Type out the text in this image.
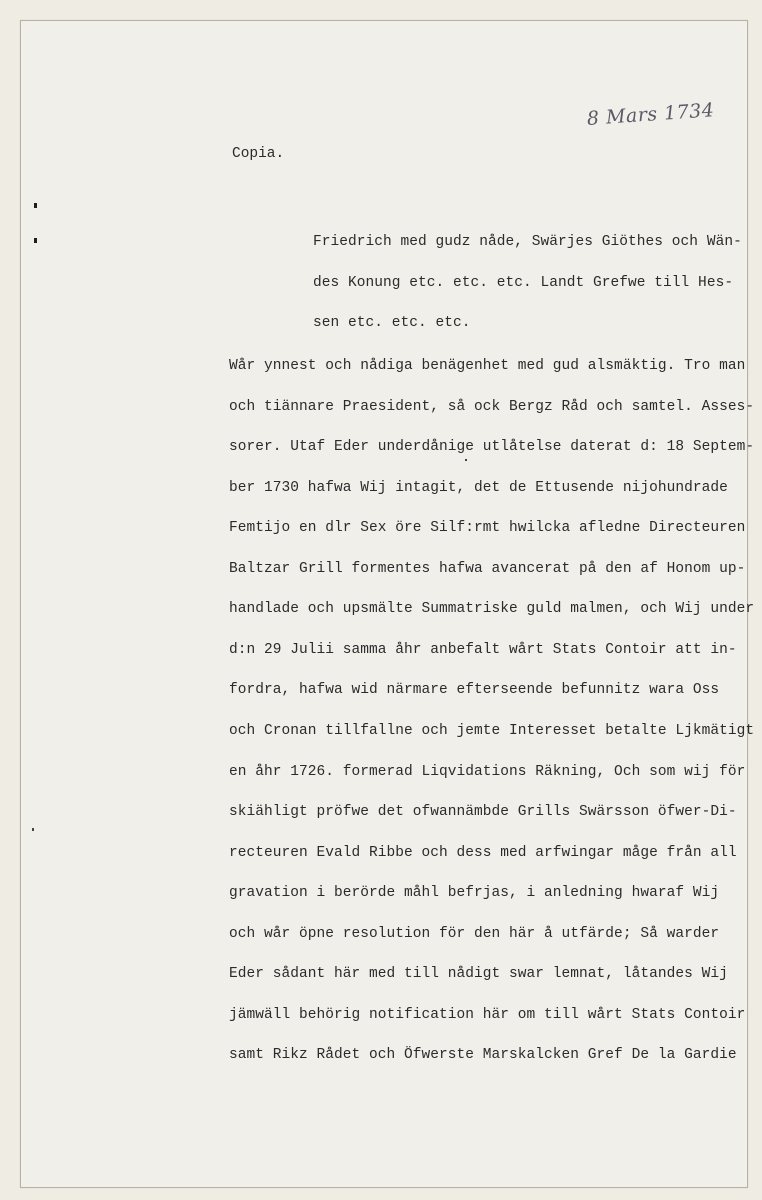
8 Mars 1734
Copia.
Friedrich med gudz nåde, Swärjes Giöthes och Wän-
des Konung etc. etc. etc. Landt Grefwe till Hes-
sen etc. etc. etc.
Wår ynnest och nådiga benägenhet med gud alsmäktig. Tro man
och tiännare Praesident, så ock Bergz Råd och samtel. Asses-
sorer. Utaf Eder underdånige utlåtelse daterat d: 18 Septem-
ber 1730 hafwa Wij intagit, det de Ettusende nijohundrade
Femtijo en dlr Sex öre Silf:rmt hwilcka afledne Directeuren
Baltzar Grill formentes hafwa avancerat på den af Honom up-
handlade och upsmälte Summatriske guld malmen, och Wij under
d:n 29 Julii samma åhr anbefalt wårt Stats Contoir att in-
fordra, hafwa wid närmare efterseende befunnitz wara Oss
och Cronan tillfallne och jemte Interesset betalte Ljkmätigt
en åhr 1726. formerad Liqvidations Räkning, Och som wij för
skiähligt pröfwe det ofwannämbde Grills Swärsson öfwer-Di-
recteuren Evald Ribbe och dess med arfwingar måge från all
gravation i berörde måhl befrjas, i anledning hwaraf Wij
och wår öpne resolution för den här å utfärde; Så warder
Eder sådant här med till nådigt swar lemnat, låtandes Wij
jämwäll behörig notification här om till wårt Stats Contoir
samt Rikz Rådet och Öfwerste Marskalcken Gref De la Gardie
